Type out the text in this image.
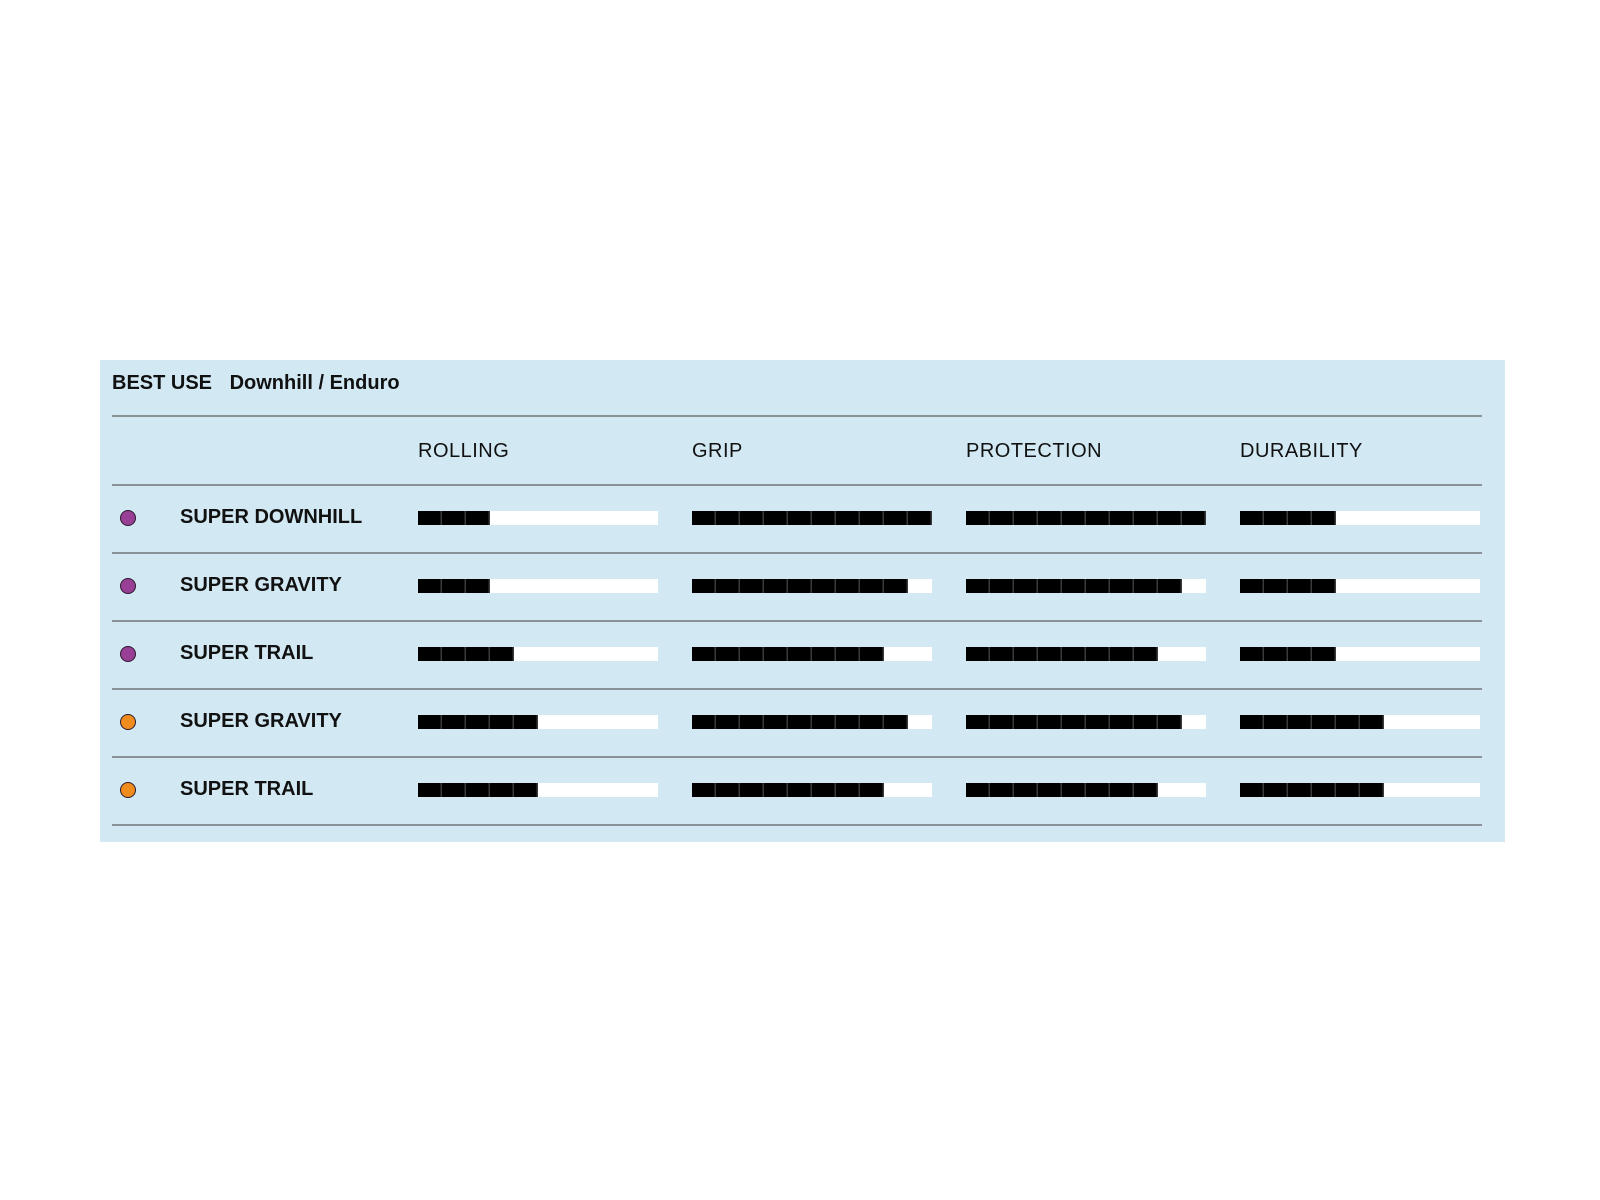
BEST USE Downhill / Enduro
ROLLING	GRIP	PROTECTION	DURABILITY
SUPER DOWNHILL
SUPER GRAVITY
SUPER TRAIL
SUPER GRAVITY
SUPER TRAIL
